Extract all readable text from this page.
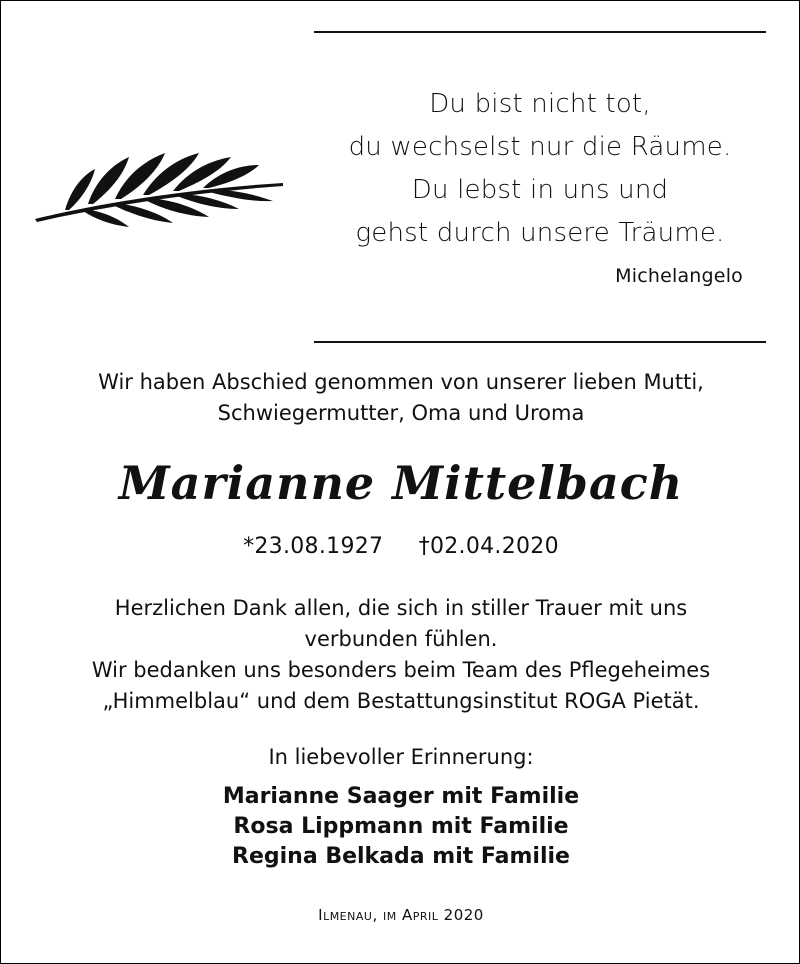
Du bist nicht tot,
du wechselst nur die Räume.
Du lebst in uns und
gehst durch unsere Träume.
Michelangelo
Wir haben Abschied genommen von unserer lieben Mutti,
Schwiegermutter, Oma und Uroma
Marianne Mittelbach
*23.08.1927 †02.04.2020
Herzlichen Dank allen, die sich in stiller Trauer mit uns
verbunden fühlen.
Wir bedanken uns besonders beim Team des Pflegeheimes
„Himmelblau“ und dem Bestattungsinstitut ROGA Pietät.
In liebevoller Erinnerung:
Marianne Saager mit Familie
Rosa Lippmann mit Familie
Regina Belkada mit Familie
Ilmenau, im April 2020
